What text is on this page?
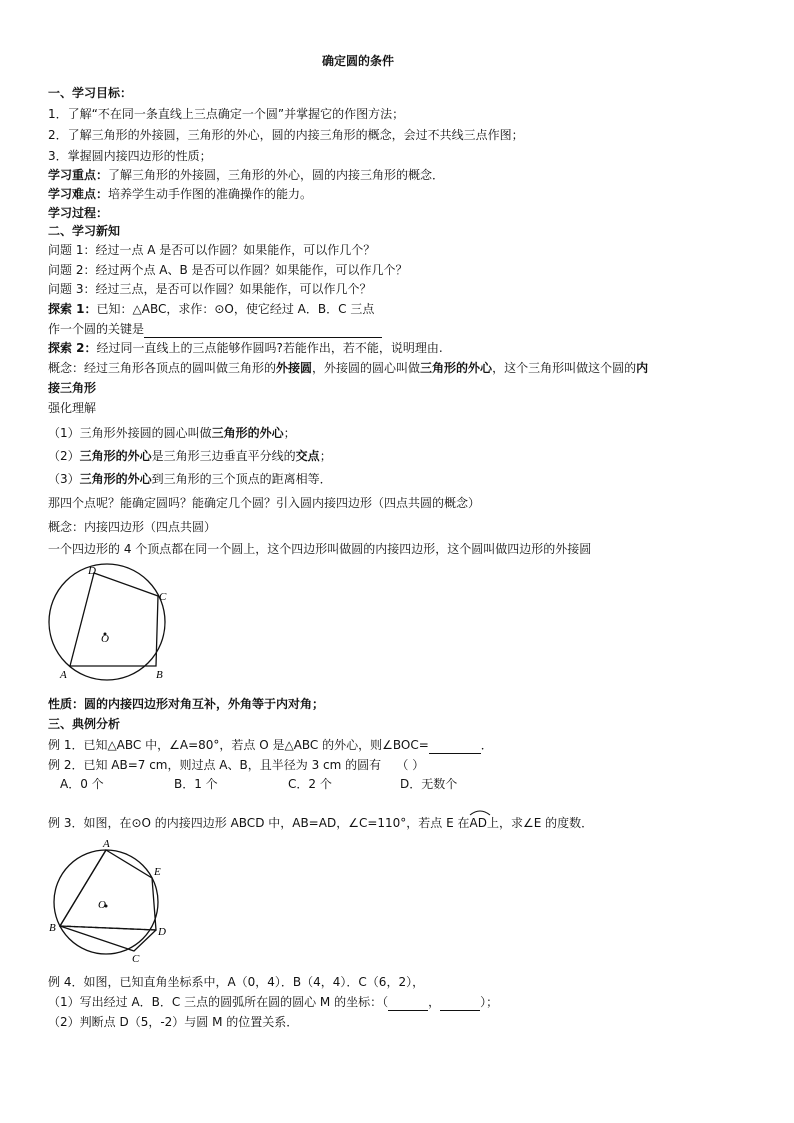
确定圆的条件
一、学习目标：
1．了解“不在同一条直线上三点确定一个圆”并掌握它的作图方法；
2．了解三角形的外接圆，三角形的外心，圆的内接三角形的概念，会过不共线三点作图；
3．掌握圆内接四边形的性质；
学习重点：了解三角形的外接圆，三角形的外心，圆的内接三角形的概念．
学习难点：培养学生动手作图的准确操作的能力。
学习过程：
二、学习新知
问题 1：经过一点 A 是否可以作圆？如果能作，可以作几个？
问题 2：经过两个点 A、B 是否可以作圆？如果能作，可以作几个？
问题 3：经过三点，是否可以作圆？如果能作，可以作几个？
探索 1：已知：△ABC，求作：⊙O，使它经过 A．B．C 三点
作一个圆的关键是
探索 2：经过同一直线上的三点能够作圆吗?若能作出，若不能，说明理由.
概念：经过三角形各顶点的圆叫做三角形的外接圆，外接圆的圆心叫做三角形的外心，这个三角形叫做这个圆的内
接三角形
强化理解
（1）三角形外接圆的圆心叫做三角形的外心；
（2）三角形的外心是三角形三边垂直平分线的交点；
（3）三角形的外心到三角形的三个顶点的距离相等．
那四个点呢？能确定圆吗？能确定几个圆？引入圆内接四边形（四点共圆的概念）
概念：内接四边形（四点共圆）
一个四边形的 4 个顶点都在同一个圆上，这个四边形叫做圆的内接四边形，这个圆叫做四边形的外接圆
D
C
O
A	B
性质：圆的内接四边形对角互补，外角等于内对角；
三、典例分析
例 1．已知△ABC 中，∠A=80°，若点 O 是△ABC 的外心，则∠BOC=	．
例 2．已知 AB=7 cm，则过点 A、B，且半径为 3 cm 的圆有 （ ）
A．0 个	B．1 个	C．2 个	D．无数个
例 3．如图，在⊙O 的内接四边形 ABCD 中，AB=AD，∠C=110°，若点 E 在
AD上，求∠E 的度数．
A
E
O
B	D
C
例 4．如图，已知直角坐标系中，A（0，4）．B（4，4）．C（6，2），
（1）写出经过 A．B．C 三点的圆弧所在圆的圆心 M 的坐标：（	，	）；
（2）判断点 D（5，-2）与圆 M 的位置关系．
